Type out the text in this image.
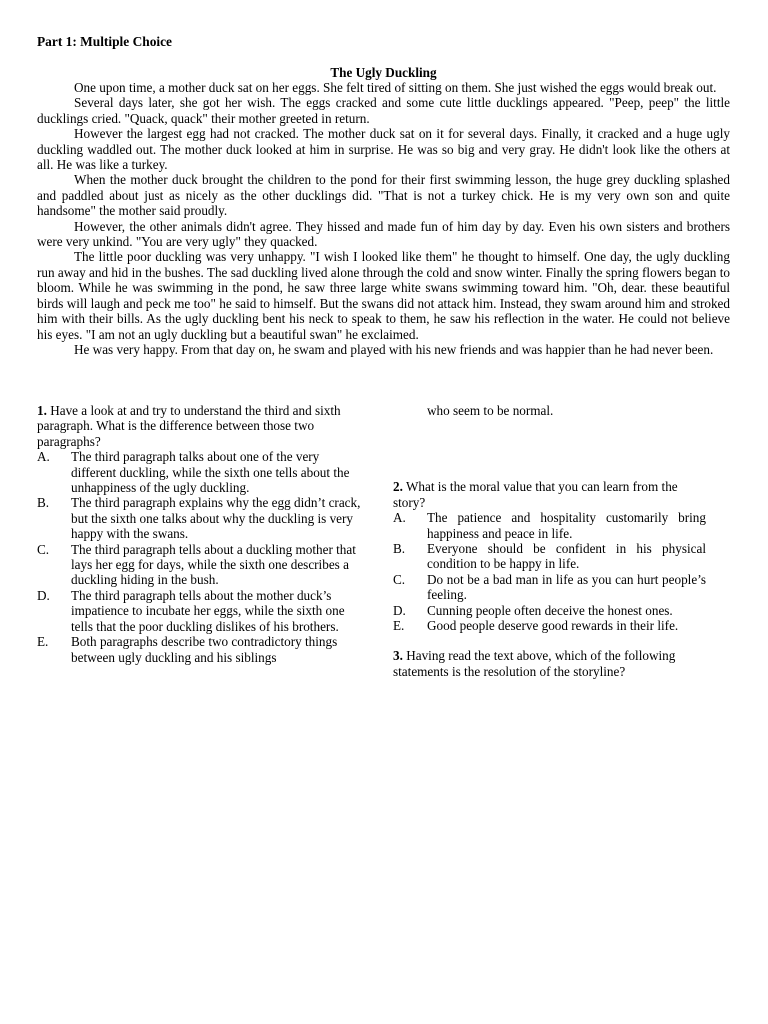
Part 1: Multiple Choice
The Ugly Duckling

One upon time, a mother duck sat on her eggs. She felt tired of sitting on them. She just wished the eggs would break out.

Several days later, she got her wish. The eggs cracked and some cute little ducklings appeared. "Peep, peep" the little ducklings cried. "Quack, quack" their mother greeted in return.

However the largest egg had not cracked. The mother duck sat on it for several days. Finally, it cracked and a huge ugly duckling waddled out. The mother duck looked at him in surprise. He was so big and very gray. He didn't look like the others at all. He was like a turkey.

When the mother duck brought the children to the pond for their first swimming lesson, the huge grey duckling splashed and paddled about just as nicely as the other ducklings did. "That is not a turkey chick. He is my very own son and quite handsome" the mother said proudly.

However, the other animals didn't agree. They hissed and made fun of him day by day. Even his own sisters and brothers were very unkind. "You are very ugly" they quacked.

The little poor duckling was very unhappy. "I wish I looked like them" he thought to himself. One day, the ugly duckling run away and hid in the bushes. The sad duckling lived alone through the cold and snow winter. Finally the spring flowers began to bloom. While he was swimming in the pond, he saw three large white swans swimming toward him. "Oh, dear. these beautiful birds will laugh and peck me too" he said to himself. But the swans did not attack him. Instead, they swam around him and stroked him with their bills. As the ugly duckling bent his neck to speak to them, he saw his reflection in the water. He could not believe his eyes. "I am not an ugly duckling but a beautiful swan" he exclaimed.

He was very happy. From that day on, he swam and played with his new friends and was happier than he had never been.

1. Have a look at and try to understand the third and sixth paragraph. What is the difference between those two paragraphs?

A.	The third paragraph talks about one of the very different duckling, while the sixth one tells about the unhappiness of the ugly duckling.
B.	The third paragraph explains why the egg didn’t crack, but the sixth one talks about why the duckling is very happy with the swans.
C.	The third paragraph tells about a duckling mother that lays her egg for days, while the sixth one describes a duckling hiding in the bush.
D.	The third paragraph tells about the mother duck’s impatience to incubate her eggs, while the sixth one tells that the poor duckling dislikes of his brothers.
E.	Both paragraphs describe two contradictory things between ugly duckling and his siblings
who seem to be normal.

2. What is the moral value that you can learn from the story?

A.	The patience and hospitality customarily bring happiness and peace in life.
B.	Everyone should be confident in his physical condition to be happy in life.
C.	Do not be a bad man in life as you can hurt people’s feeling.
D.	Cunning people often deceive the honest ones.
E.	Good people deserve good rewards in their life.

3. Having read the text above, which of the following statements is the resolution of the storyline?
